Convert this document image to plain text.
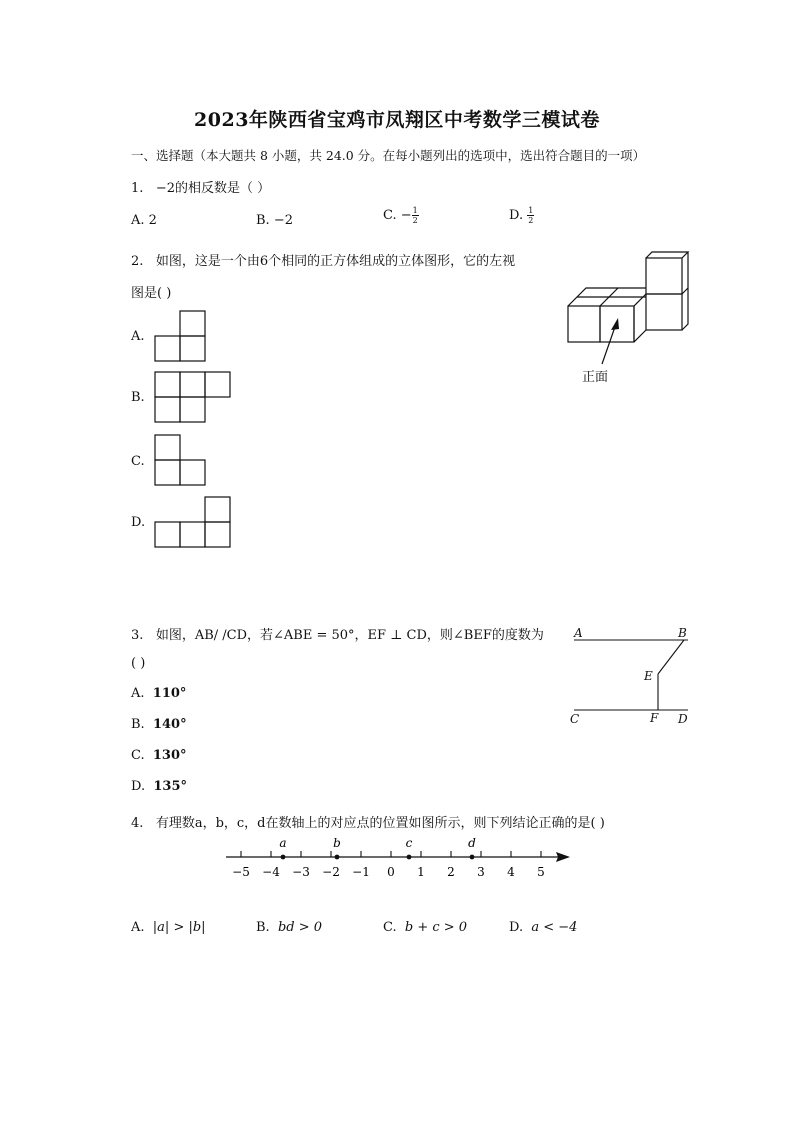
2023年陕西省宝鸡市凤翔区中考数学三模试卷
一、选择题（本大题共 8 小题，共 24.0 分。在每小题列出的选项中，选出符合题目的一项）
1. −2的相反数是（ ）
A. 2	B. −2	C. − $\frac{1}{2}$	D. $\frac{1}{2}$
2. 如图，这是一个由6个相同的正方体组成的立体图形，它的左视
图是( )
正面
A.
B.
C.
D.
3. 如图，AB/ /CD，若∠ABE = 50°，EF ⊥ CD，则∠BEF的度数为
( )
A. 110°
B. 140°
C. 130°
D. 135°
A	B
E
C	F D
4. 有理数a，b，c，d在数轴上的对应点的位置如图所示，则下列结论正确的是( )
−5 −4 −3 −2 −1 0 1 2 3 4 5
a	b	c	d
A. |a| > |b|	B. bd > 0	C. b + c > 0	D. a < −4
